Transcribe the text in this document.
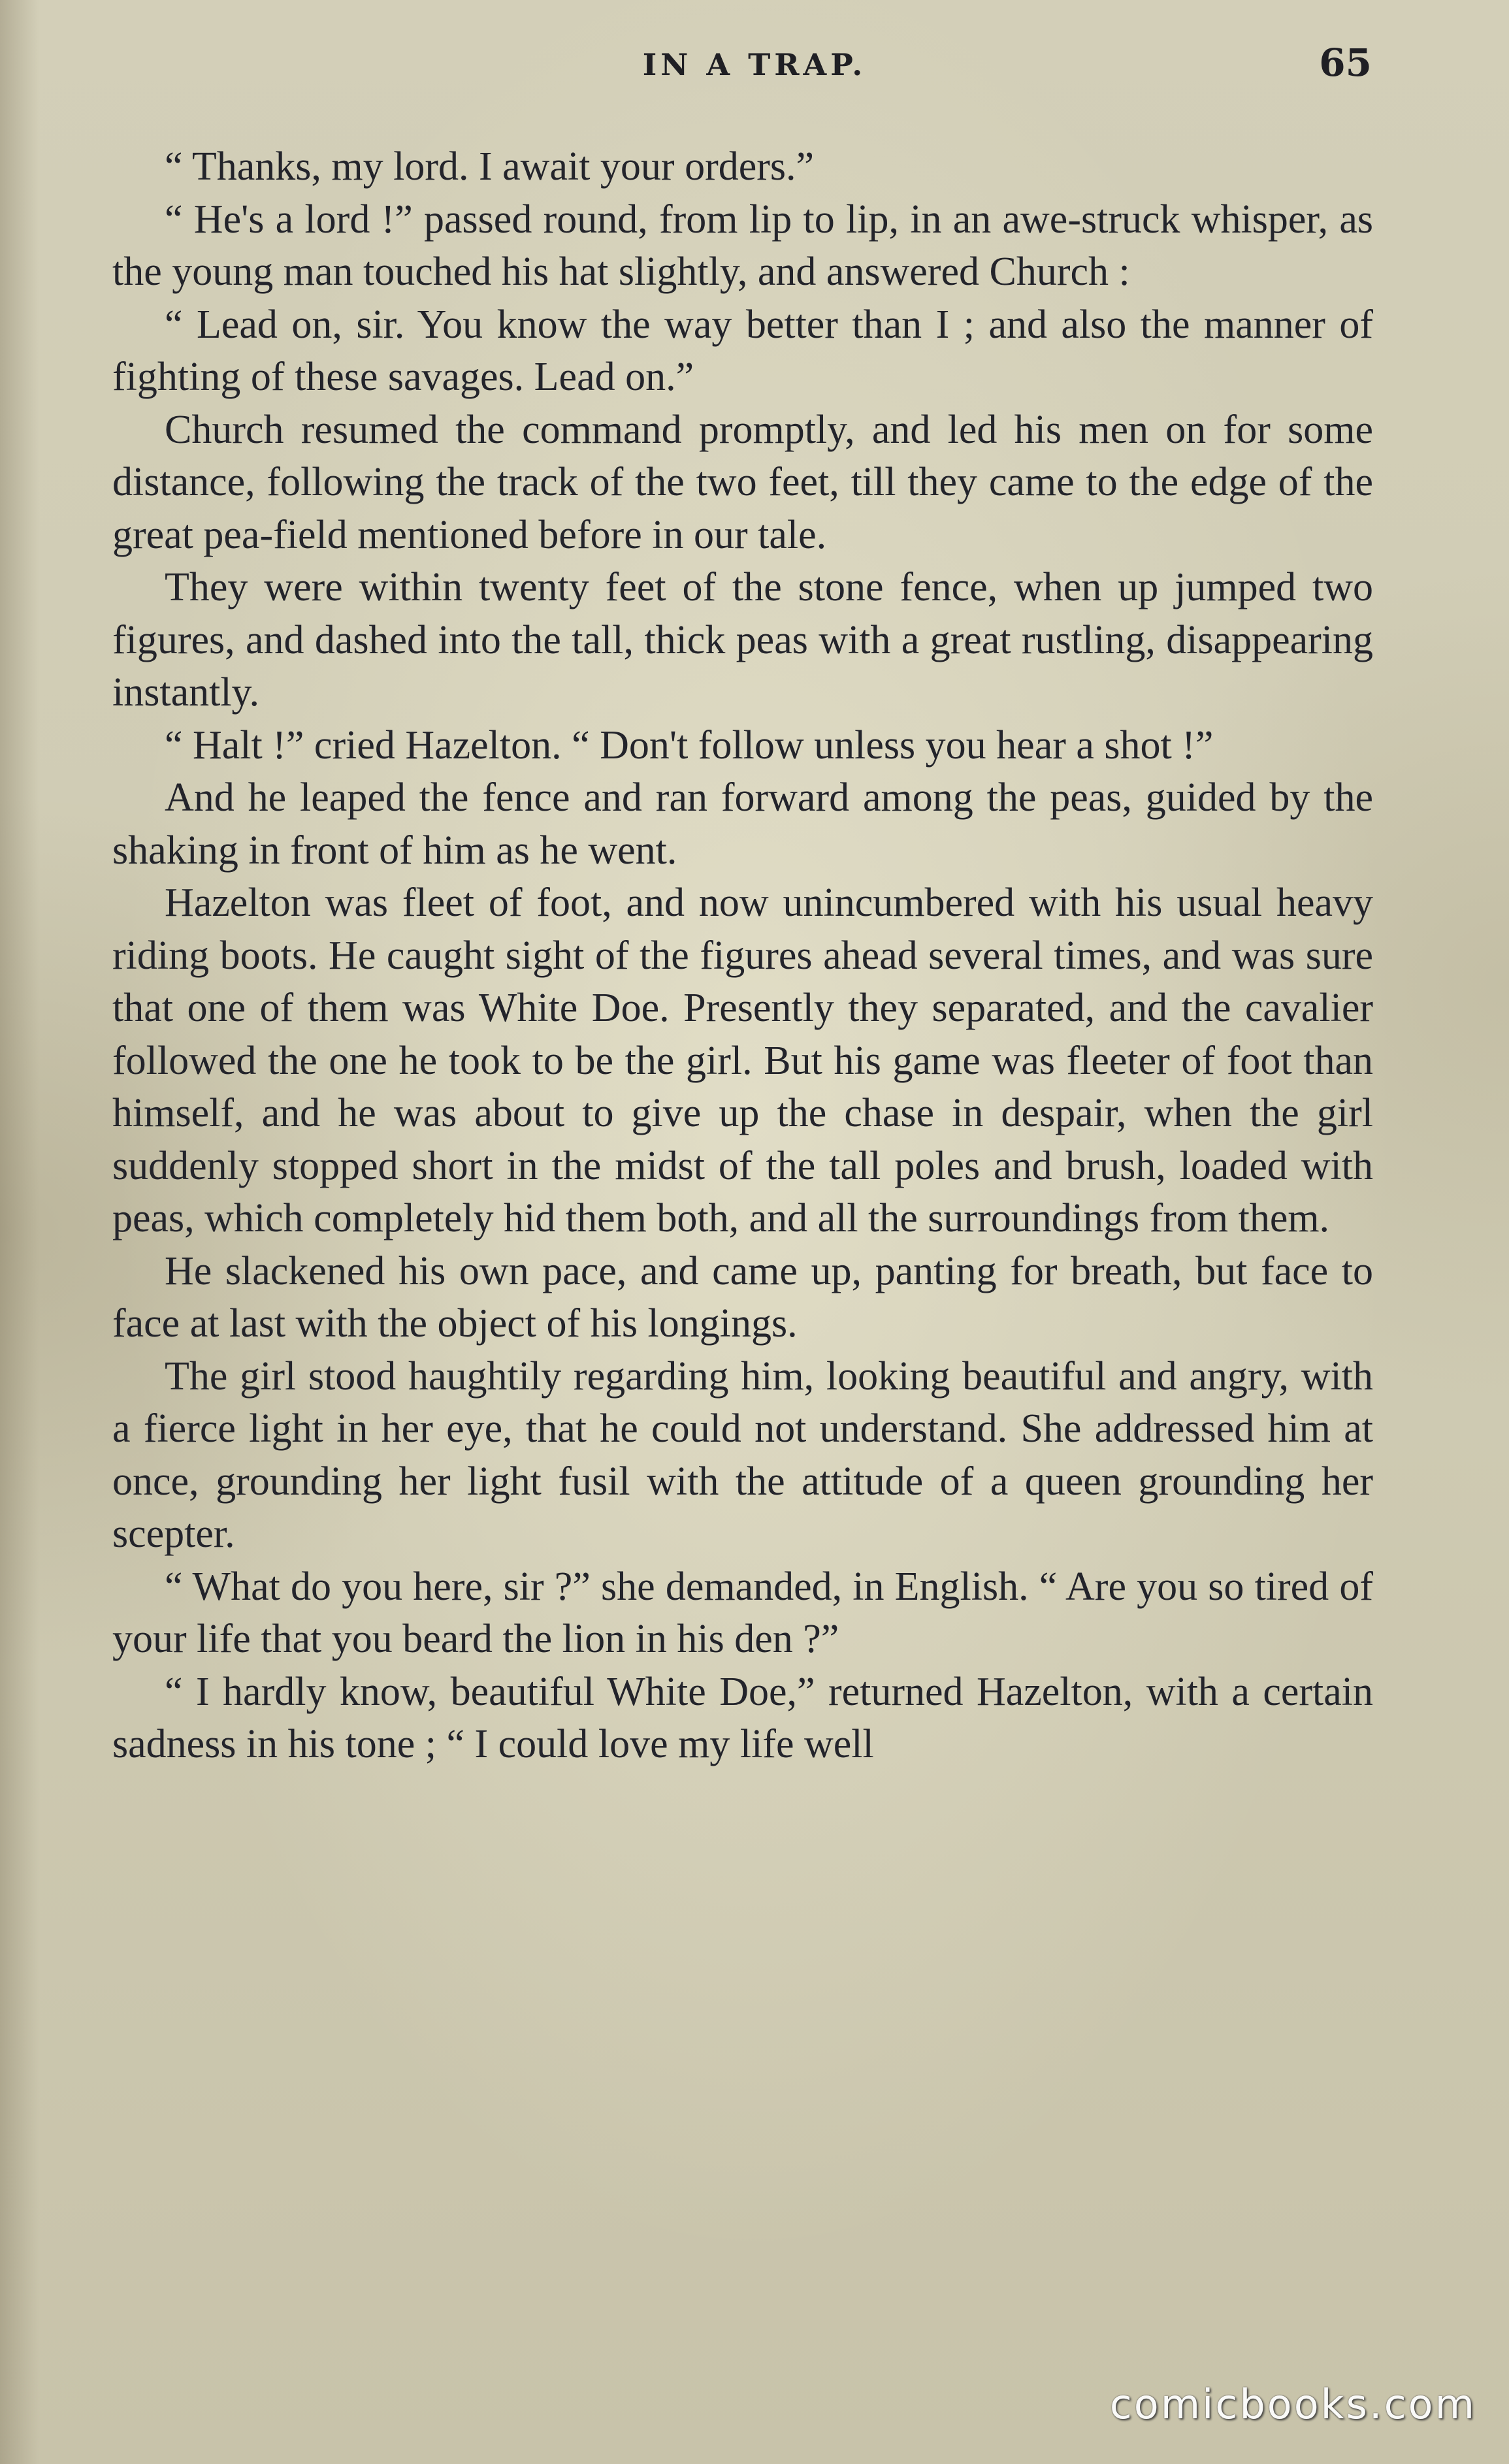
IN A TRAP.	65

“ Thanks, my lord. I await your orders.”

“ He's a lord !” passed round, from lip to lip, in an awe-struck whisper, as the young man touched his hat slightly, and answered Church :

“ Lead on, sir. You know the way better than I ; and also the manner of fighting of these savages. Lead on.”

Church resumed the command promptly, and led his men on for some distance, following the track of the two feet, till they came to the edge of the great pea-field mentioned before in our tale.

They were within twenty feet of the stone fence, when up jumped two figures, and dashed into the tall, thick peas with a great rustling, disappearing instantly.

“ Halt !” cried Hazelton. “ Don't follow unless you hear a shot !”

And he leaped the fence and ran forward among the peas, guided by the shaking in front of him as he went.

Hazelton was fleet of foot, and now unincumbered with his usual heavy riding boots. He caught sight of the figures ahead several times, and was sure that one of them was White Doe. Presently they separated, and the cavalier followed the one he took to be the girl. But his game was fleeter of foot than himself, and he was about to give up the chase in despair, when the girl suddenly stopped short in the midst of the tall poles and brush, loaded with peas, which completely hid them both, and all the surroundings from them.

He slackened his own pace, and came up, panting for breath, but face to face at last with the object of his longings.

The girl stood haughtily regarding him, looking beautiful and angry, with a fierce light in her eye, that he could not understand. She addressed him at once, grounding her light fusil with the attitude of a queen grounding her scepter.

“ What do you here, sir ?” she demanded, in English. “ Are you so tired of your life that you beard the lion in his den ?”

“ I hardly know, beautiful White Doe,” returned Hazelton, with a certain sadness in his tone ; “ I could love my life well

comicbooks.com
